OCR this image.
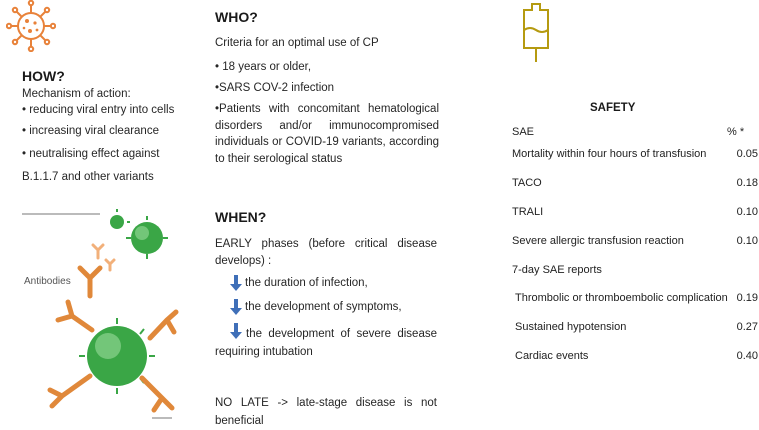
HOW?
Mechanism of action:
• reducing viral entry into cells
• increasing viral clearance
• neutralising effect against
B.1.1.7 and other variants
Antibodies
WHO?
Criteria for an optimal use of CP
• 18 years or older,
•SARS COV-2 infection
•Patients with concomitant hematological disorders and/or immunocompromised individuals or COVID-19 variants, according to their serological status
WHEN?
EARLY phases (before critical disease develops) :
the duration of infection,
the development of symptoms,
the development of severe disease requiring intubation
NO LATE -> late-stage disease is not beneficial
SAFETY
SAE	% *
Mortality within four hours of transfusion	0.05
TACO	0.18
TRALI	0.10
Severe allergic transfusion reaction	0.10
7-day SAE reports
Thrombolic or thromboembolic complication 0.19
Sustained hypotension	0.27
Cardiac events	0.40
